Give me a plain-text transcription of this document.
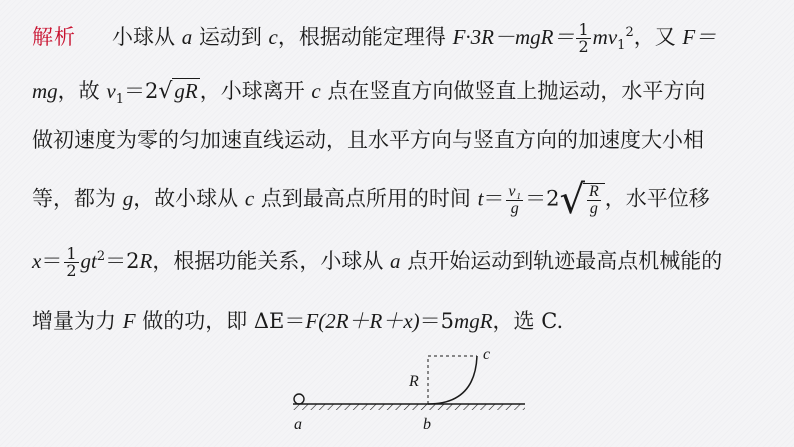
解析 小球从 a 运动到 c，根据动能定理得 $F\cdot 3R-mgR= \frac{1}{2} mv_1^2$，又 F＝
mg，故 $v_1=2√gR$，小球离开 c 点在竖直方向做竖直上抛运动，水平方向
做初速度为零的匀加速直线运动，且水平方向与竖直方向的加速度大小相
等，都为 g，故小球从 c 点到最高点所用的时间 $t= \frac{\text{v₁}}{g} =2√ \frac{R}{g}$ ，水平位移
$x= \frac{1}{2} gt^2=2R$，根据功能关系，小球从 a 点开始运动到轨迹最高点机械能的
增量为力 F 做的功，即 ΔE＝F(2R＋R＋x)＝5mgR，选 C.
a	b
c
R
